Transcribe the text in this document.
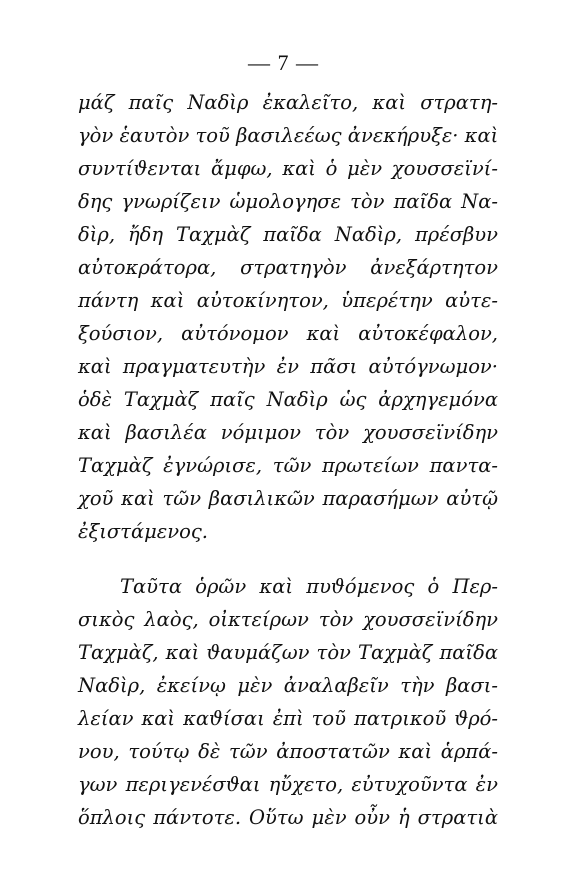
— 7 —
μάζ παῖς Ναδὶρ ἐκαλεῖτο, καὶ στρατη-
γὸν ἑαυτὸν τοῦ βασιλεέως ἀνεκήρυξε· καὶ
συντίϑενται ἄμφω, καὶ ὁ μὲν χουσσεϊνί-
δης γνωρίζειν ὡμολογησε τὸν παῖδα Να-
δὶρ, ἤδη Ταχμὰζ παῖδα Ναδὶρ, πρέσβυν
αὐτοκράτορα, στρατηγὸν ἀνεξάρτητον
πάντη καὶ αὐτοκίνητον, ὑπερέτην αὐτε-
ξούσιον, αὐτόνομον καὶ αὐτοκέφαλον,
καὶ πραγματευτὴν ἐν πᾶσι αὐτόγνωμον·
ὁδὲ Ταχμὰζ παῖς Ναδὶρ ὡς ἀρχηγεμόνα
καὶ βασιλέα νόμιμον τὸν χουσσεϊνίδην
Ταχμὰζ ἐγνώρισε, τῶν πρωτείων παντα-
χοῦ καὶ τῶν βασιλικῶν παρασήμων αὐτῷ
ἐξιστάμενος.
Ταῦτα ὁρῶν καὶ πυϑόμενος ὁ Περ-
σικὸς λαὸς, οἰκτείρων τὸν χουσσεϊνίδην
Ταχμὰζ, καὶ ϑαυμάζων τὸν Ταχμὰζ παῖδα
Ναδὶρ, ἐκείνῳ μὲν ἀναλαβεῖν τὴν βασι-
λείαν καὶ καϑίσαι ἐπὶ τοῦ πατρικοῦ ϑρό-
νου, τούτῳ δὲ τῶν ἀποστατῶν καὶ ἁρπά-
γων περιγενέσϑαι ηὔχετο, εὐτυχοῦντα ἐν
ὅπλοις πάντοτε. Οὕτω μὲν οὖν ἡ στρατιὰ
